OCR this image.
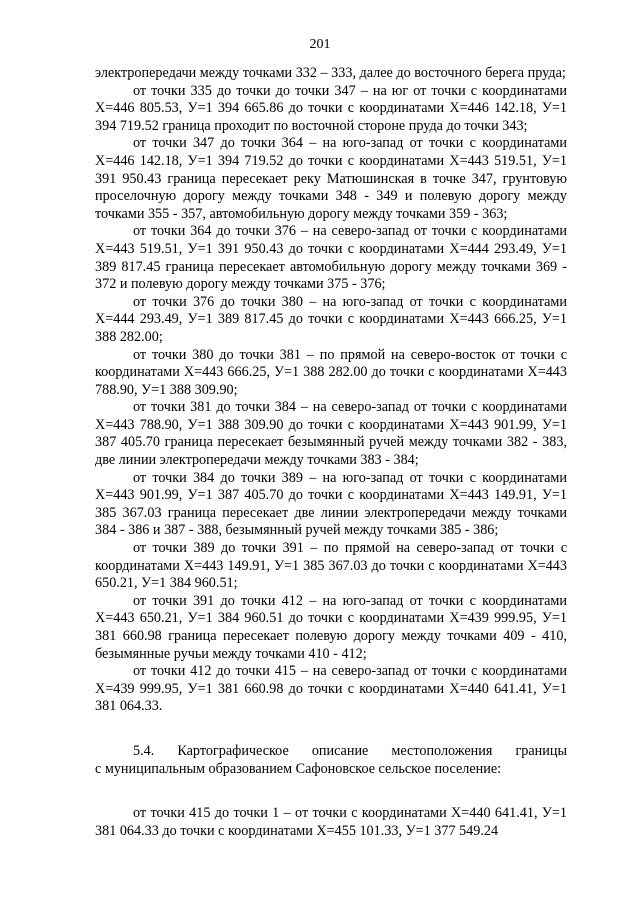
201

электропередачи между точками 332 – 333, далее до восточного берега пруда;

от точки 335 до точки до точки 347 – на юг от точки с координатами X=446 805.53, У=1 394 665.86 до точки с координатами X=446 142.18, У=1 394 719.52 граница проходит по восточной стороне пруда до точки 343;

от точки 347 до точки 364 – на юго-запад от точки с координатами X=446 142.18, У=1 394 719.52 до точки с координатами X=443 519.51, У=1 391 950.43 граница пересекает реку Матюшинская в точке 347, грунтовую проселочную дорогу между точками 348 - 349 и полевую дорогу между точками 355 - 357, автомобильную дорогу между точками 359 - 363;

от точки 364 до точки 376 – на северо-запад от точки с координатами X=443 519.51, У=1 391 950.43 до точки с координатами X=444 293.49, У=1 389 817.45 граница пересекает автомобильную дорогу между точками 369 - 372 и полевую дорогу между точками 375 - 376;

от точки 376 до точки 380 – на юго-запад от точки с координатами X=444 293.49, У=1 389 817.45 до точки с координатами X=443 666.25, У=1 388 282.00;

от точки 380 до точки 381 – по прямой на северо-восток от точки с координатами X=443 666.25, У=1 388 282.00 до точки с координатами X=443 788.90, У=1 388 309.90;

от точки 381 до точки 384 – на северо-запад от точки с координатами X=443 788.90, У=1 388 309.90 до точки с координатами X=443 901.99, У=1 387 405.70 граница пересекает безымянный ручей между точками 382 - 383, две линии электропередачи между точками 383 - 384;

от точки 384 до точки 389 – на юго-запад от точки с координатами X=443 901.99, У=1 387 405.70 до точки с координатами X=443 149.91, У=1 385 367.03 граница пересекает две линии электропередачи между точками 384 - 386 и 387 - 388, безымянный ручей между точками 385 - 386;

от точки 389 до точки 391 – по прямой на северо-запад от точки с координатами X=443 149.91, У=1 385 367.03 до точки с координатами X=443 650.21, У=1 384 960.51;

от точки 391 до точки 412 – на юго-запад от точки с координатами X=443 650.21, У=1 384 960.51 до точки с координатами X=439 999.95, У=1 381 660.98 граница пересекает полевую дорогу между точками 409 - 410, безымянные ручьи между точками 410 - 412;

от точки 412 до точки 415 – на северо-запад от точки с координатами X=439 999.95, У=1 381 660.98 до точки с координатами X=440 641.41, У=1 381 064.33.

5.4. Картографическое описание местоположения границы

с муниципальным образованием Сафоновское сельское поселение:

от точки 415 до точки 1 – от точки с координатами X=440 641.41, У=1 381 064.33 до точки с координатами X=455 101.33, У=1 377 549.24
